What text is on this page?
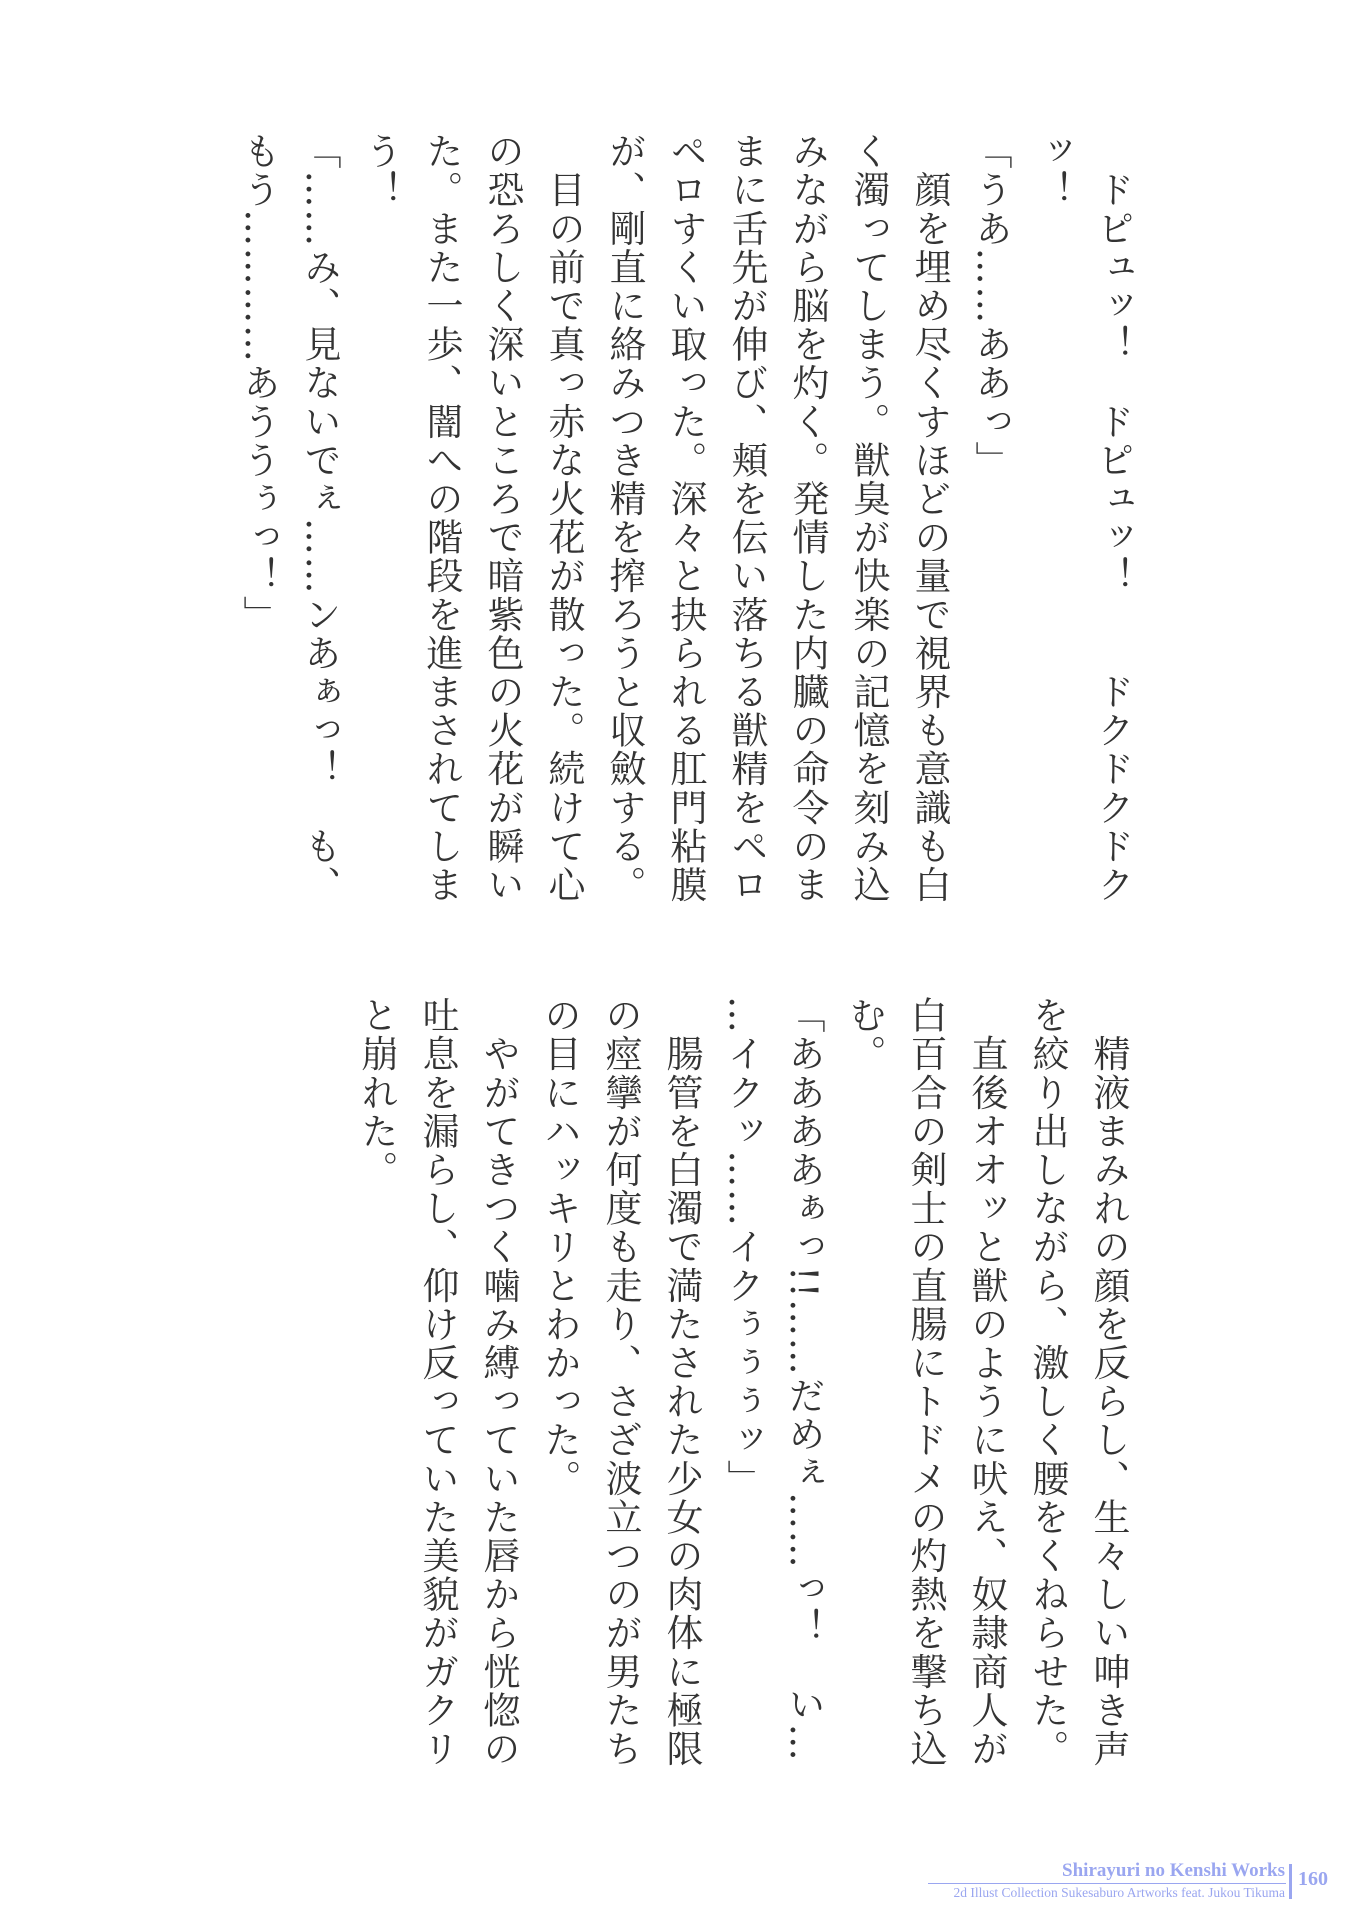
　ドピュッ！　ドピュッ！　　ドクドクドク
ッ！
「うあ……ああっ」
　顔を埋め尽くすほどの量で視界も意識も白
く濁ってしまう。獣臭が快楽の記憶を刻み込
みながら脳を灼く。発情した内臓の命令のま
まに舌先が伸び、頬を伝い落ちる獣精をペロ
ペロすくい取った。深々と抉られる肛門粘膜
が、剛直に絡みつき精を搾ろうと収斂する。
　目の前で真っ赤な火花が散った。続けて心
の恐ろしく深いところで暗紫色の火花が瞬い
た。また一歩、闇への階段を進まされてしま
う！
「……み、見ないでぇ……ンあぁっ！　も、
もう…………あううぅっ！」
　精液まみれの顔を反らし、生々しい呻き声
を絞り出しながら、激しく腰をくねらせた。
　直後オオッと獣のように吠え、奴隷商人が
白百合の剣士の直腸にトドメの灼熱を撃ち込
む。
「ああああぁっ!!……だめぇ……っ！　い…
…イクッ……イクぅぅぅッ」
　腸管を白濁で満たされた少女の肉体に極限
の痙攣が何度も走り、さざ波立つのが男たち
の目にハッキリとわかった。
　やがてきつく噛み縛っていた唇から恍惚の
吐息を漏らし、仰け反っていた美貌がガクリ
と崩れた。
Shirayuri no Kenshi Works
2d Illust Collection Sukesaburo Artworks feat. Jukou Tikuma
160
